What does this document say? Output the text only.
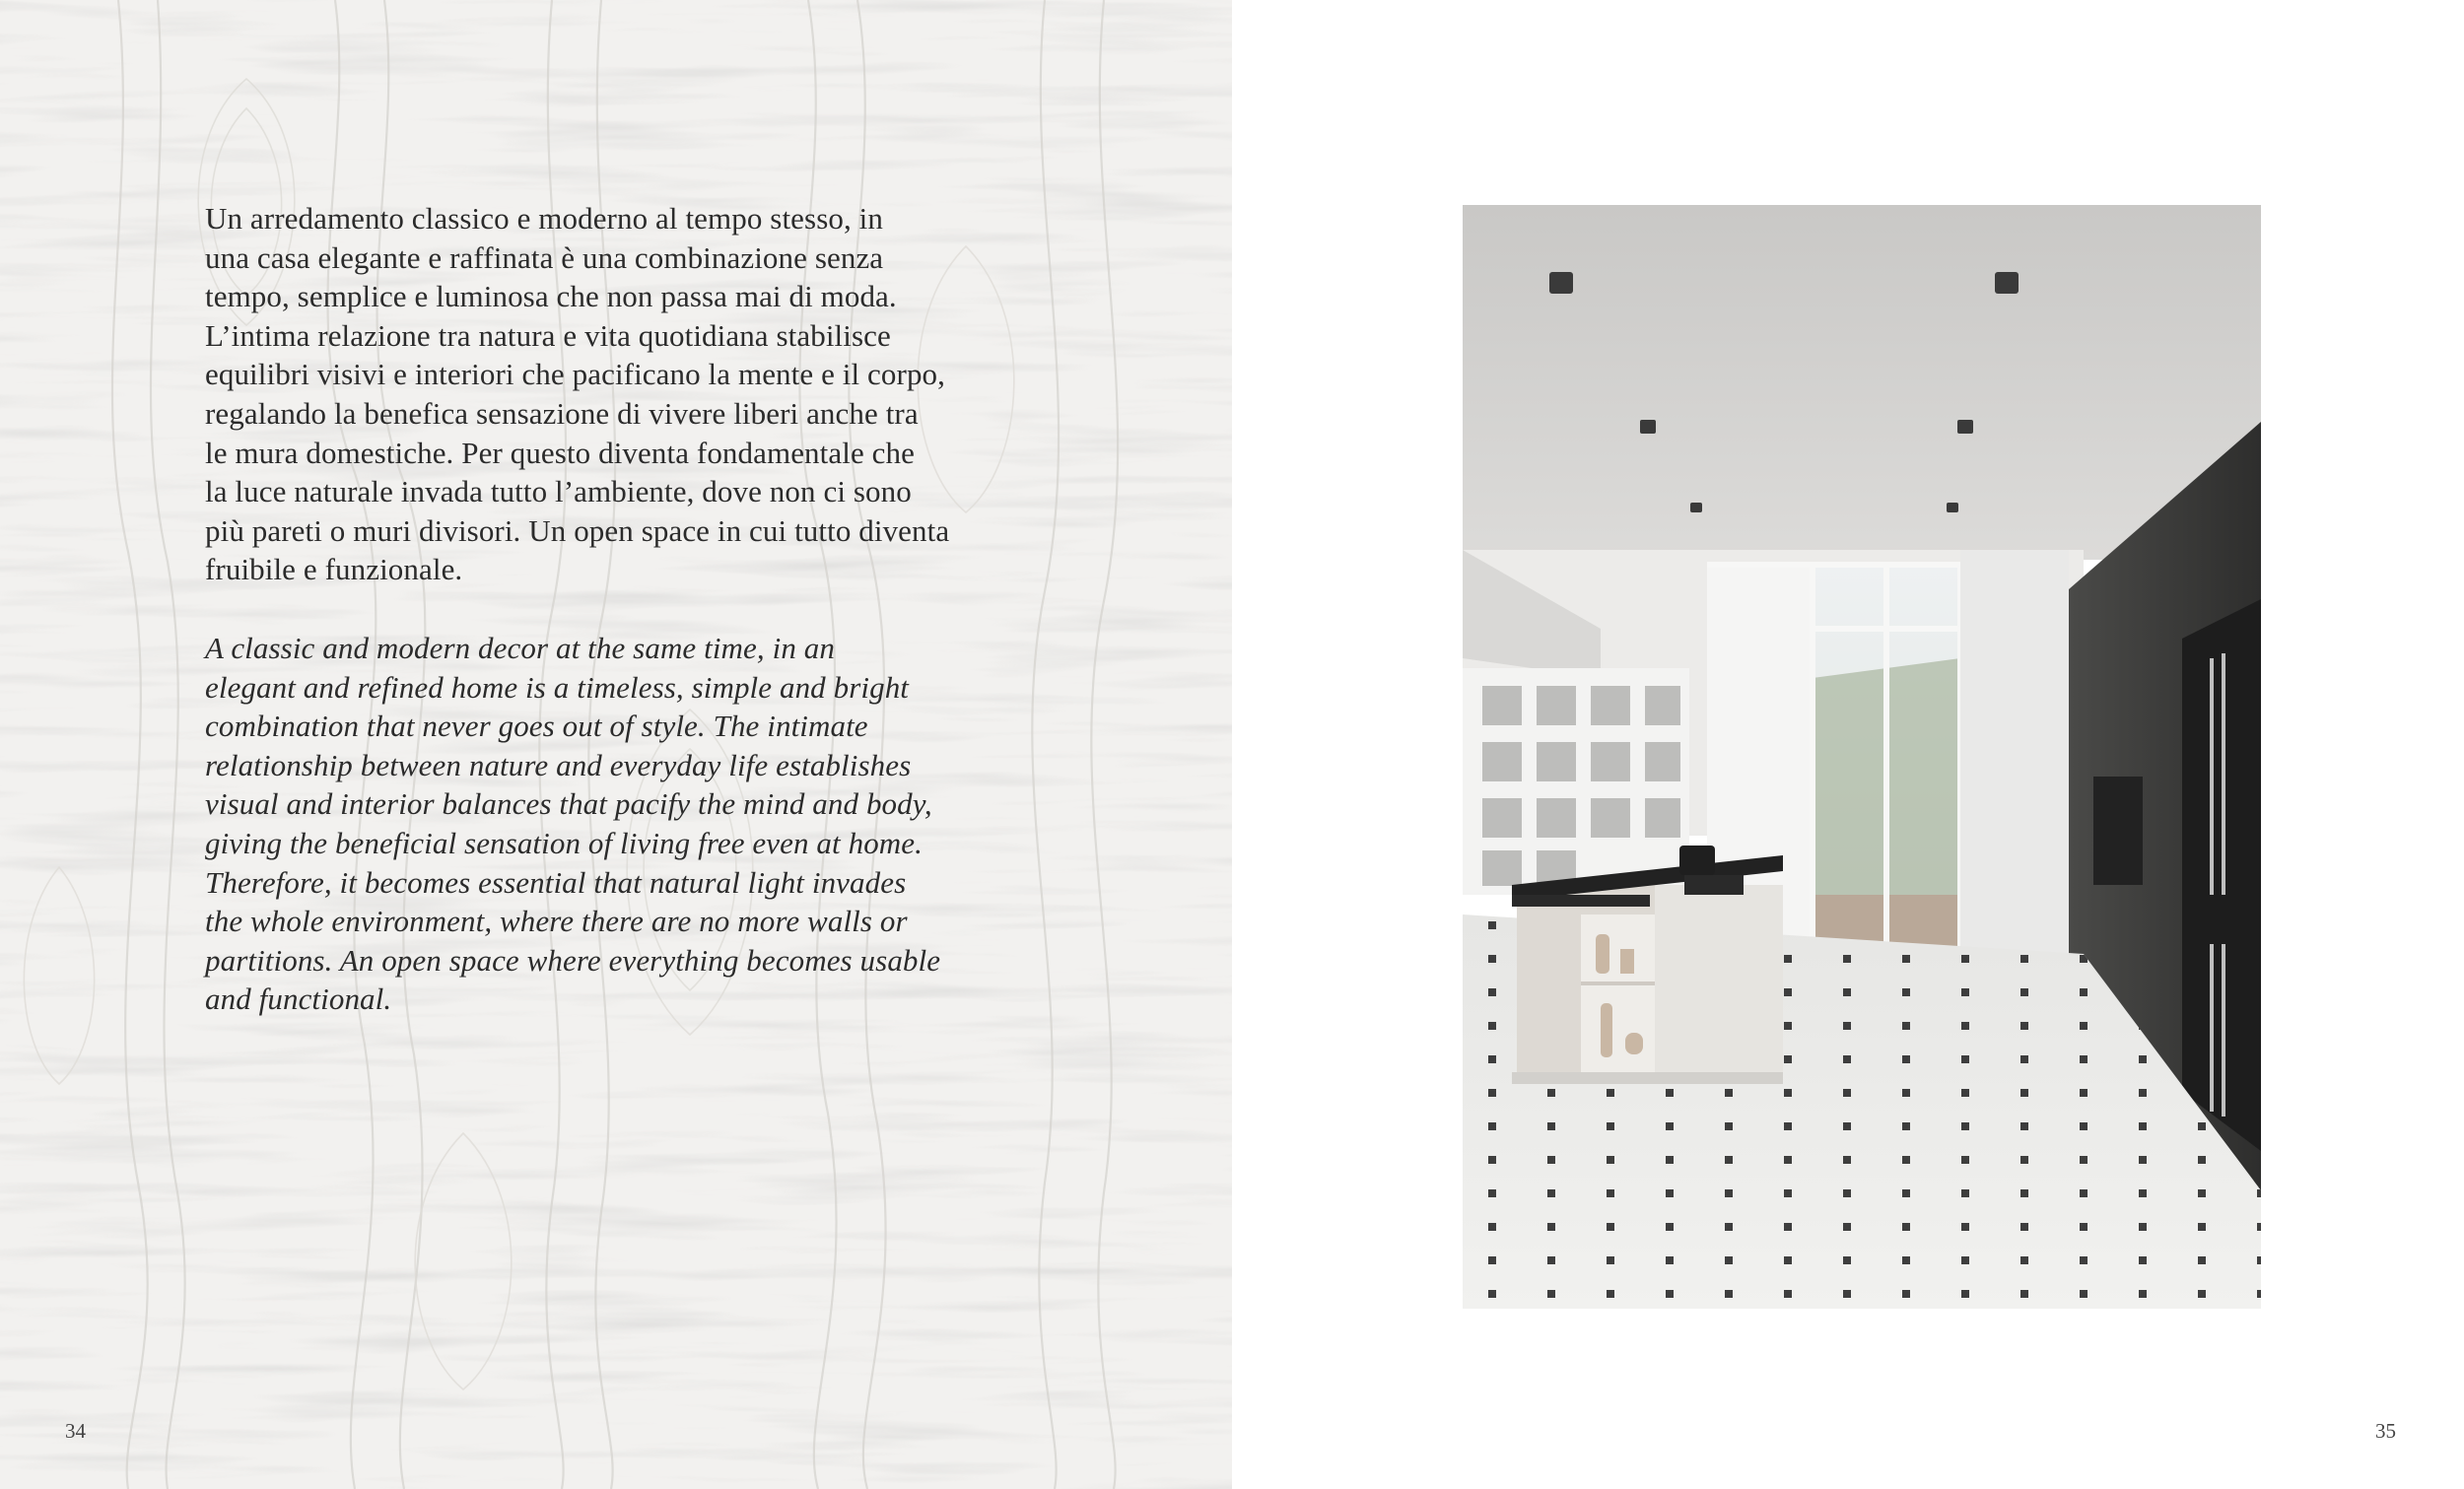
Un arredamento classico e moderno al tempo stesso, in
una casa elegante e raffinata è una combinazione senza
tempo, semplice e luminosa che non passa mai di moda.
L’intima relazione tra natura e vita quotidiana stabilisce
equilibri visivi e interiori che pacificano la mente e il corpo,
regalando la benefica sensazione di vivere liberi anche tra
le mura domestiche. Per questo diventa fondamentale che
la luce naturale invada tutto l’ambiente, dove non ci sono
più pareti o muri divisori. Un open space in cui tutto diventa
fruibile e funzionale.

A classic and modern decor at the same time, in an
elegant and refined home is a timeless, simple and bright
combination that never goes out of style. The intimate
relationship between nature and everyday life establishes
visual and interior balances that pacify the mind and body,
giving the beneficial sensation of living free even at home.
Therefore, it becomes essential that natural light invades
the whole environment, where there are no more walls or
partitions. An open space where everything becomes usable
and functional.

34	35
